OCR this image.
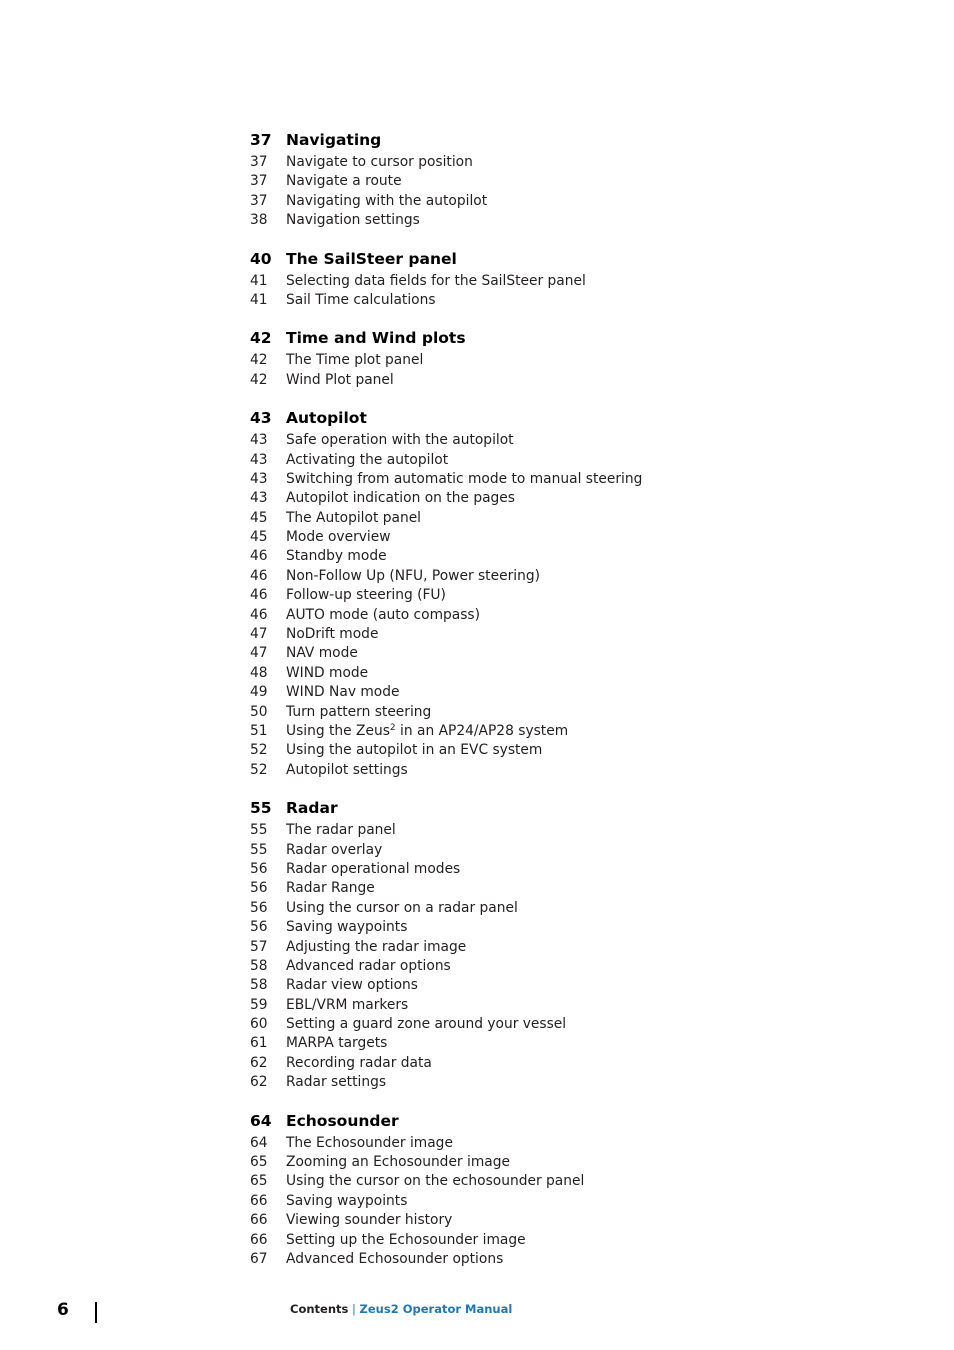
37 Navigating
37	Navigate to cursor position
37	Navigate a route
37	Navigating with the autopilot
38	Navigation settings
40 The SailSteer panel
41	Selecting data fields for the SailSteer panel
41	Sail Time calculations
42 Time and Wind plots
42	The Time plot panel
42	Wind Plot panel
43 Autopilot
43	Safe operation with the autopilot
43	Activating the autopilot
43	Switching from automatic mode to manual steering
43	Autopilot indication on the pages
45	The Autopilot panel
45	Mode overview
46	Standby mode
46	Non-Follow Up (NFU, Power steering)
46	Follow-up steering (FU)
46	AUTO mode (auto compass)
47	NoDrift mode
47	NAV mode
48	WIND mode
49	WIND Nav mode
50	Turn pattern steering
51	Using the Zeus$^2$ in an AP24/AP28 system
52	Using the autopilot in an EVC system
52	Autopilot settings
55 Radar
55	The radar panel
55	Radar overlay
56	Radar operational modes
56	Radar Range
56	Using the cursor on a radar panel
56	Saving waypoints
57	Adjusting the radar image
58	Advanced radar options
58	Radar view options
59	EBL/VRM markers
60	Setting a guard zone around your vessel
61	MARPA targets
62	Recording radar data
62	Radar settings
64 Echosounder
64	The Echosounder image
65	Zooming an Echosounder image
65	Using the cursor on the echosounder panel
66	Saving waypoints
66	Viewing sounder history
66	Setting up the Echosounder image
67	Advanced Echosounder options
6	Contents | Zeus2 Operator Manual
